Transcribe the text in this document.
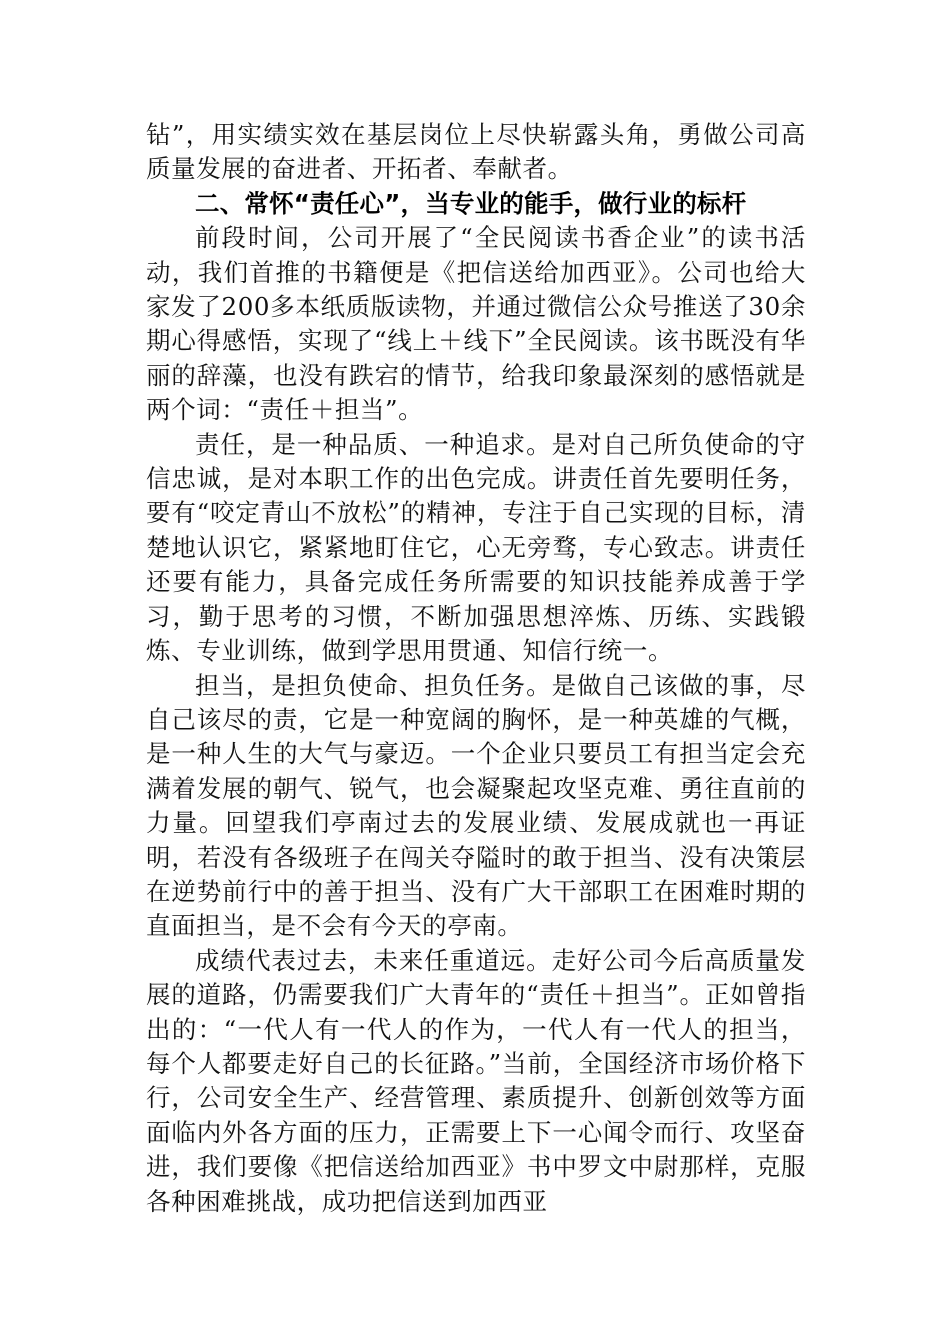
钻”，用实绩实效在基层岗位上尽快崭露头角，勇做公司高质量发展的奋进者、开拓者、奉献者。

二、常怀“责任心”，当专业的能手，做行业的标杆

前段时间，公司开展了“全民阅读书香企业”的读书活动，我们首推的书籍便是《把信送给加西亚》。公司也给大家发了200多本纸质版读物，并通过微信公众号推送了30余期心得感悟，实现了“线上＋线下”全民阅读。该书既没有华丽的辞藻，也没有跌宕的情节，给我印象最深刻的感悟就是两个词：“责任＋担当”。

责任，是一种品质、一种追求。是对自己所负使命的守信忠诚，是对本职工作的出色完成。讲责任首先要明任务，要有“咬定青山不放松”的精神，专注于自己实现的目标，清楚地认识它，紧紧地盯住它，心无旁骛，专心致志。讲责任还要有能力，具备完成任务所需要的知识技能养成善于学习，勤于思考的习惯，不断加强思想淬炼、历练、实践锻炼、专业训练，做到学思用贯通、知信行统一。

担当，是担负使命、担负任务。是做自己该做的事，尽自己该尽的责，它是一种宽阔的胸怀，是一种英雄的气概，是一种人生的大气与豪迈。一个企业只要员工有担当定会充满着发展的朝气、锐气，也会凝聚起攻坚克难、勇往直前的力量。回望我们亭南过去的发展业绩、发展成就也一再证明，若没有各级班子在闯关夺隘时的敢于担当、没有决策层在逆势前行中的善于担当、没有广大干部职工在困难时期的直面担当，是不会有今天的亭南。

成绩代表过去，未来任重道远。走好公司今后高质量发展的道路，仍需要我们广大青年的“责任＋担当”。正如曾指出的：“一代人有一代人的作为，一代人有一代人的担当，每个人都要走好自己的长征路。”当前，全国经济市场价格下行，公司安全生产、经营管理、素质提升、创新创效等方面面临内外各方面的压力，正需要上下一心闻令而行、攻坚奋进，我们要像《把信送给加西亚》书中罗文中尉那样，克服各种困难挑战，成功把信送到加西亚
